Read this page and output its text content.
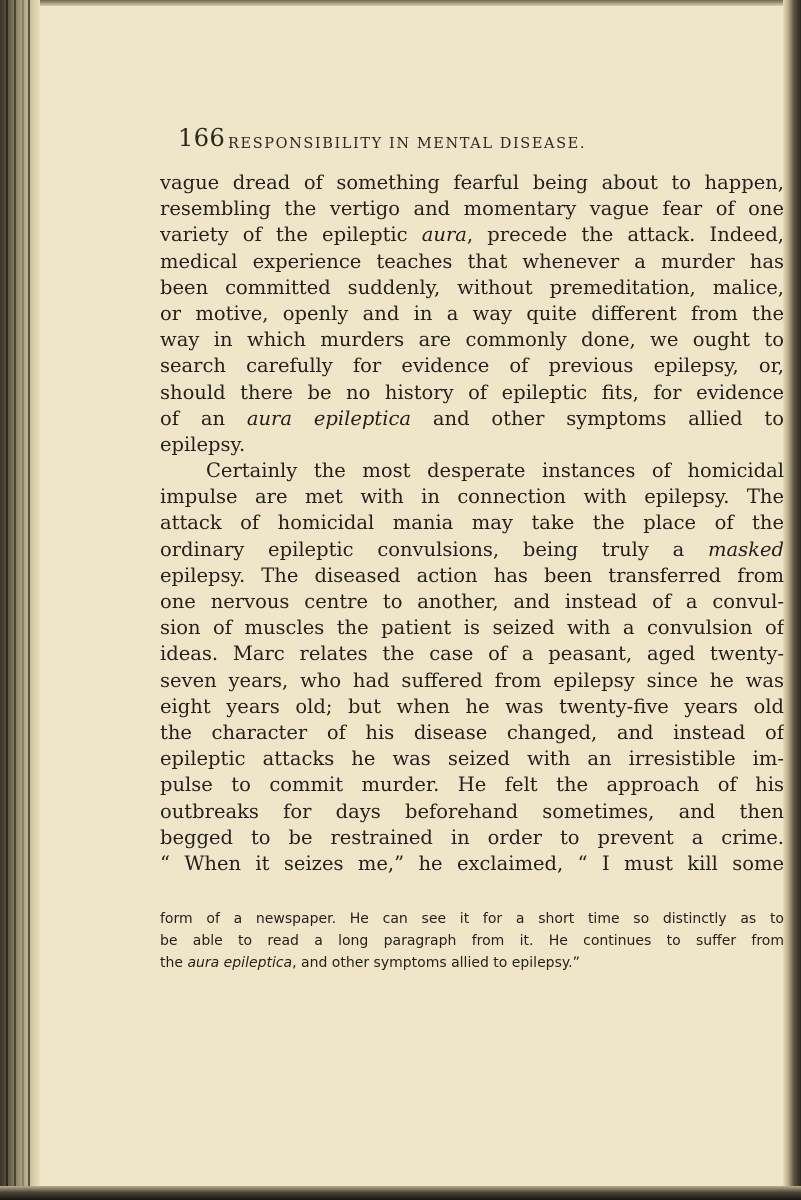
166 RESPONSIBILITY IN MENTAL DISEASE.
vague dread of something fearful being about to happen,
resembling the vertigo and momentary vague fear of one
variety of the epileptic aura, precede the attack. Indeed,
medical experience teaches that whenever a murder has
been committed suddenly, without premeditation, malice,
or motive, openly and in a way quite different from the
way in which murders are commonly done, we ought to
search carefully for evidence of previous epilepsy, or,
should there be no history of epileptic fits, for evidence
of an aura epileptica and other symptoms allied to
epilepsy.
Certainly the most desperate instances of homicidal
impulse are met with in connection with epilepsy. The
attack of homicidal mania may take the place of the
ordinary epileptic convulsions, being truly a masked
epilepsy. The diseased action has been transferred from
one nervous centre to another, and instead of a convul-
sion of muscles the patient is seized with a convulsion of
ideas. Marc relates the case of a peasant, aged twenty-
seven years, who had suffered from epilepsy since he was
eight years old; but when he was twenty-five years old
the character of his disease changed, and instead of
epileptic attacks he was seized with an irresistible im-
pulse to commit murder. He felt the approach of his
outbreaks for days beforehand sometimes, and then
begged to be restrained in order to prevent a crime.
“ When it seizes me,” he exclaimed, “ I must kill some
form of a newspaper. He can see it for a short time so distinctly as to
be able to read a long paragraph from it. He continues to suffer from
the aura epileptica, and other symptoms allied to epilepsy.”
